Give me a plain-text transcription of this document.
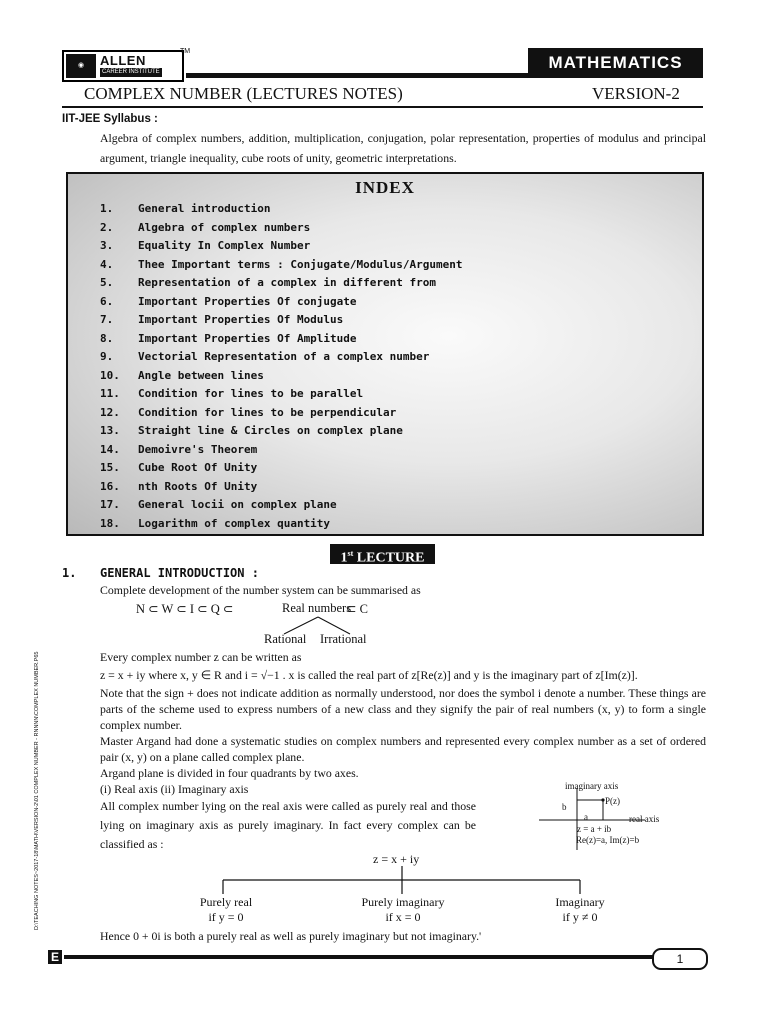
◉	ALLEN
CAREER INSTITUTE
TM
MATHEMATICS
COMPLEX NUMBER (LECTURES NOTES)	VERSION-2
IIT-JEE Syllabus :
Algebra of complex numbers, addition, multiplication, conjugation, polar representation, properties of modulus and principal argument, triangle inequality, cube roots of unity, geometric interpretations.
INDEX
1. General introduction
2. Algebra of complex numbers
3. Equality In Complex Number
4. Thee Important terms : Conjugate/Modulus/Argument
5. Representation of a complex in different from
6. Important Properties Of conjugate
7. Important Properties Of Modulus
8. Important Properties Of Amplitude
9. Vectorial Representation of a complex number
10. Angle between lines
11. Condition for lines to be parallel
12. Condition for lines to be perpendicular
13. Straight line & Circles on complex plane
14. Demoivre's Theorem
15. Cube Root Of Unity
16. nth Roots Of Unity
17. General locii on complex plane
18. Logarithm of complex quantity
1st LECTURE
1. GENERAL INTRODUCTION :
Complete development of the number system can be summarised as
N ⊂ W ⊂ I ⊂ Q ⊂	Real numbers
⊂ C
Rational Irrational
Every complex number z can be written as
z = x + iy where x, y ∈ R and i = √−1 . x is called the real part of z[Re(z)] and y is the imaginary part of z[Im(z)].
Note that the sign + does not indicate addition as normally understood, nor does the symbol i denote a number. These things are parts of the scheme used to express numbers of a new class and they signify the pair of real numbers (x, y) to form a single complex number.
Master Argand had done a systematic studies on complex numbers and represented every complex number as a set of ordered pair (x, y) on a plane called complex plane.
Argand plane is divided in four quadrants by two axes.
(i) Real axis (ii) Imaginary axis
All complex number lying on the real axis were called as purely real and those lying on imaginary axis as purely imaginary. In fact every complex can be classified as :
imaginary axis
P(z)
b
real axis
a
z = a + ib
Re(z)=a, Im(z)=b
z = x + iy
Purely real
if y = 0
Purely imaginary
if x = 0
Imaginary
if y ≠ 0
Hence 0 + 0i is both a purely real as well as purely imaginary but not imaginary.'
D:\TEACHING NOTES~2017-18\MATH\VERSION-2\01 COMPLEX NUMBER - RNNNN\COMPLEX NUMBER.P65
E	1
